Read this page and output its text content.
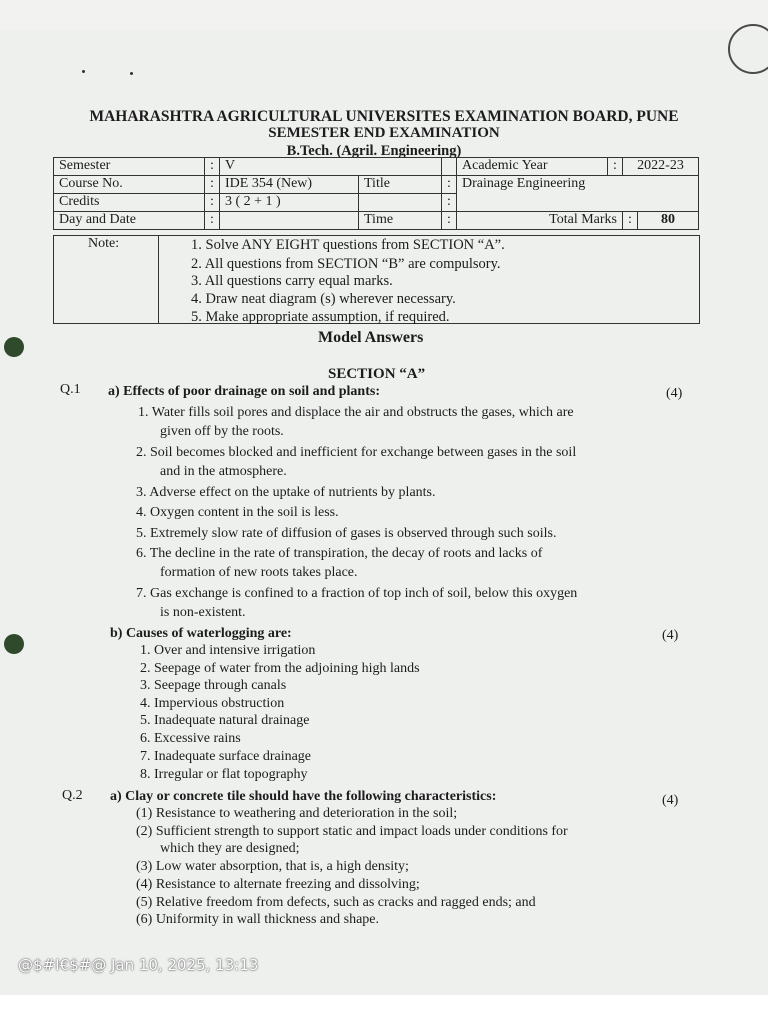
MAHARASHTRA AGRICULTURAL UNIVERSITES EXAMINATION BOARD, PUNE
SEMESTER END EXAMINATION
B.Tech. (Agril. Engineering)
Semester	:	V			Academic Year	:	2022-23	
Course No.	:	IDE 354 (New)	Title	:	Drainage Engineering			
Credits	:	3 ( 2 + 1 )		:				
Day and Date	:		Time	:	Total Marks		:	80
Note:	1. Solve ANY EIGHT questions from SECTION “A”.
2. All questions from SECTION “B” are compulsory.
3. All questions carry equal marks.
4. Draw neat diagram (s) wherever necessary.
5. Make appropriate assumption, if required.
Model Answers
SECTION “A”
Q.1 a) Effects of poor drainage on soil and plants:	(4)
1. Water fills soil pores and displace the air and obstructs the gases, which are
given off by the roots.
2. Soil becomes blocked and inefficient for exchange between gases in the soil
and in the atmosphere.
3. Adverse effect on the uptake of nutrients by plants.
4. Oxygen content in the soil is less.
5. Extremely slow rate of diffusion of gases is observed through such soils.
6. The decline in the rate of transpiration, the decay of roots and lacks of
formation of new roots takes place.
7. Gas exchange is confined to a fraction of top inch of soil, below this oxygen
is non-existent.
b) Causes of waterlogging are:	(4)
1. Over and intensive irrigation
2. Seepage of water from the adjoining high lands
3. Seepage through canals
4. Impervious obstruction
5. Inadequate natural drainage
6. Excessive rains
7. Inadequate surface drainage
8. Irregular or flat topography
Q.2 a) Clay or concrete tile should have the following characteristics:	(4)
(1) Resistance to weathering and deterioration in the soil;
(2) Sufficient strength to support static and impact loads under conditions for
which they are designed;
(3) Low water absorption, that is, a high density;
(4) Resistance to alternate freezing and dissolving;
(5) Relative freedom from defects, such as cracks and ragged ends; and
(6) Uniformity in wall thickness and shape.
@$#I€$#@ Jan 10, 2025, 13:13
